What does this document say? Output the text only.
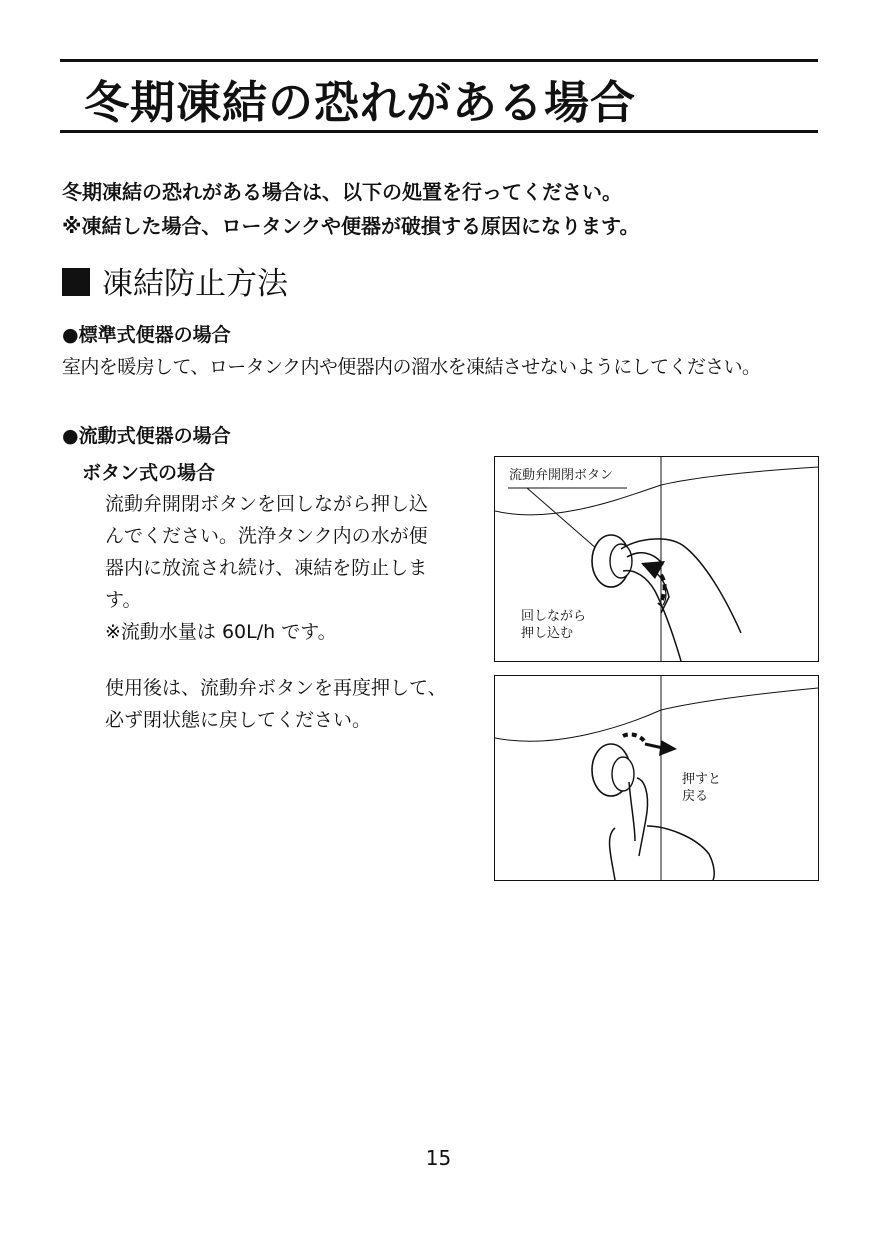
冬期凍結の恐れがある場合
冬期凍結の恐れがある場合は、以下の処置を行ってください。
※凍結した場合、ロータンクや便器が破損する原因になります。
凍結防止方法
●標準式便器の場合
室内を暖房して、ロータンク内や便器内の溜水を凍結させないようにしてください。
●流動式便器の場合
ボタン式の場合
流動弁開閉ボタンを回しながら押し込
んでください。洗浄タンク内の水が便
器内に放流され続け、凍結を防止しま
す。
※流動水量は 60L/h です。
使用後は、流動弁ボタンを再度押して、
必ず閉状態に戻してください。
流動弁開閉ボタン
回しながら
押し込む
押すと
戻る
15
